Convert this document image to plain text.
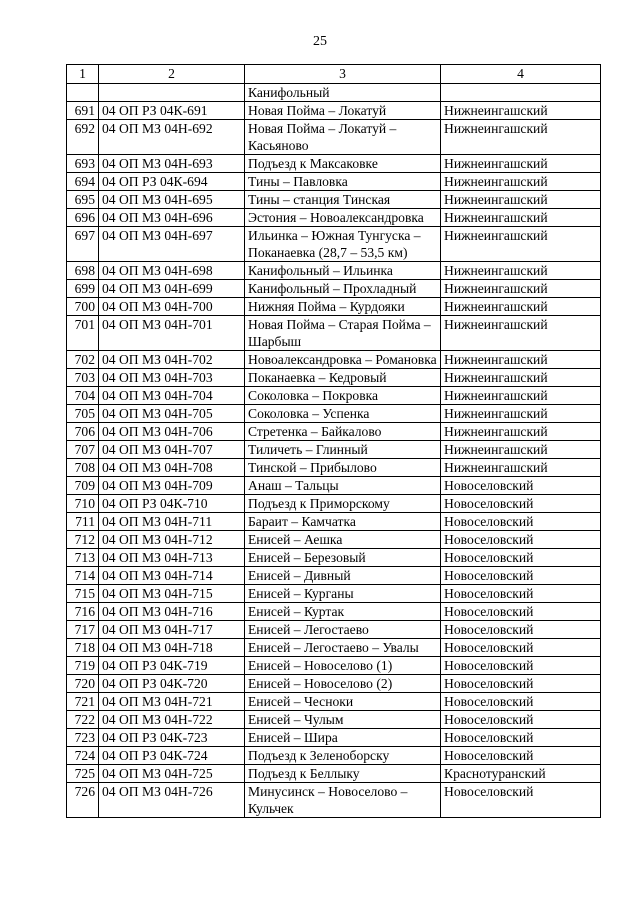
25
1	2	3	4
		Канифольный	
691	04 ОП РЗ 04К-691	Новая Пойма – Локатуй	Нижнеингашский
692	04 ОП МЗ 04Н-692	Новая Пойма – Локатуй – Касьяново	Нижнеингашский
693	04 ОП МЗ 04Н-693	Подъезд к Максаковке	Нижнеингашский
694	04 ОП РЗ 04К-694	Тины – Павловка	Нижнеингашский
695	04 ОП МЗ 04Н-695	Тины – станция Тинская	Нижнеингашский
696	04 ОП МЗ 04Н-696	Эстония – Новоалександровка	Нижнеингашский
697	04 ОП МЗ 04Н-697	Ильинка – Южная Тунгуска – Поканаевка (28,7 – 53,5 км)	Нижнеингашский
698	04 ОП МЗ 04Н-698	Канифольный – Ильинка	Нижнеингашский
699	04 ОП МЗ 04Н-699	Канифольный – Прохладный	Нижнеингашский
700	04 ОП МЗ 04Н-700	Нижняя Пойма – Курдояки	Нижнеингашский
701	04 ОП МЗ 04Н-701	Новая Пойма – Старая Пойма – Шарбыш	Нижнеингашский
702	04 ОП МЗ 04Н-702	Новоалександровка – Романовка	Нижнеингашский
703	04 ОП МЗ 04Н-703	Поканаевка – Кедровый	Нижнеингашский
704	04 ОП МЗ 04Н-704	Соколовка – Покровка	Нижнеингашский
705	04 ОП МЗ 04Н-705	Соколовка – Успенка	Нижнеингашский
706	04 ОП МЗ 04Н-706	Стретенка – Байкалово	Нижнеингашский
707	04 ОП МЗ 04Н-707	Тиличеть – Глинный	Нижнеингашский
708	04 ОП МЗ 04Н-708	Тинской – Прибылово	Нижнеингашский
709	04 ОП МЗ 04Н-709	Анаш – Тальцы	Новоселовский
710	04 ОП РЗ 04К-710	Подъезд к Приморскому	Новоселовский
711	04 ОП МЗ 04Н-711	Бараит – Камчатка	Новоселовский
712	04 ОП МЗ 04Н-712	Енисей – Аешка	Новоселовский
713	04 ОП МЗ 04Н-713	Енисей – Березовый	Новоселовский
714	04 ОП МЗ 04Н-714	Енисей – Дивный	Новоселовский
715	04 ОП МЗ 04Н-715	Енисей – Курганы	Новоселовский
716	04 ОП МЗ 04Н-716	Енисей – Куртак	Новоселовский
717	04 ОП МЗ 04Н-717	Енисей – Легостаево	Новоселовский
718	04 ОП МЗ 04Н-718	Енисей – Легостаево – Увалы	Новоселовский
719	04 ОП РЗ 04К-719	Енисей – Новоселово (1)	Новоселовский
720	04 ОП РЗ 04К-720	Енисей – Новоселово (2)	Новоселовский
721	04 ОП МЗ 04Н-721	Енисей – Чесноки	Новоселовский
722	04 ОП МЗ 04Н-722	Енисей – Чулым	Новоселовский
723	04 ОП РЗ 04К-723	Енисей – Шира	Новоселовский
724	04 ОП РЗ 04К-724	Подъезд к Зеленоборску	Новоселовский
725	04 ОП МЗ 04Н-725	Подъезд к Беллыку	Краснотуранский
726	04 ОП МЗ 04Н-726	Минусинск – Новоселово – Кульчек	Новоселовский
